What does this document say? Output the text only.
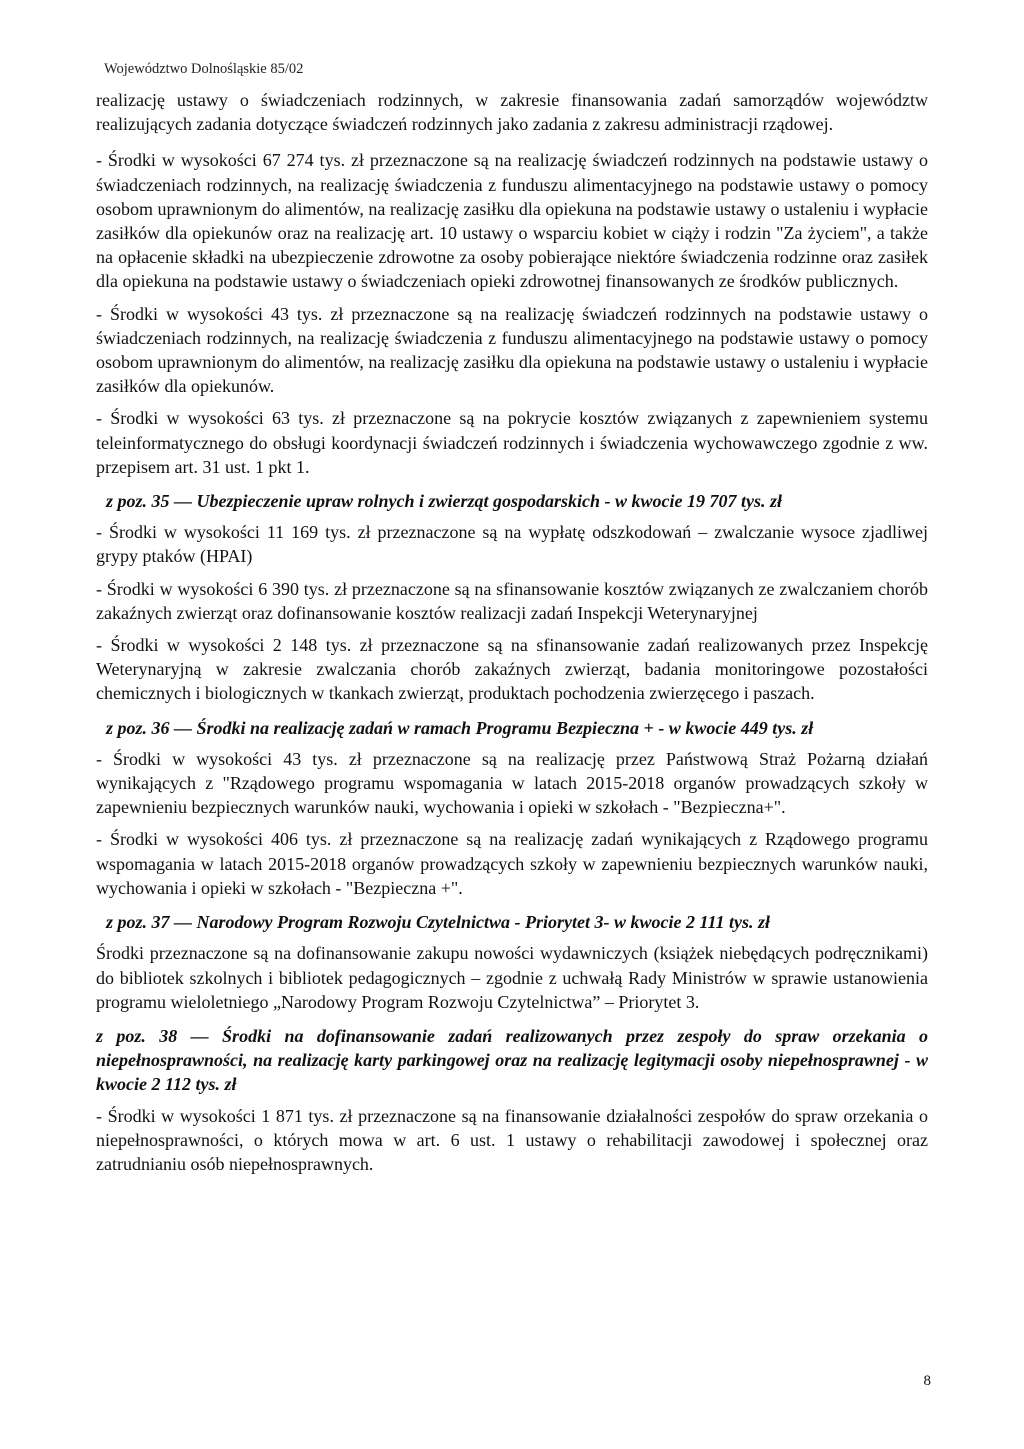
Województwo Dolnośląskie 85/02

realizację ustawy o świadczeniach rodzinnych, w zakresie finansowania zadań samorządów województw realizujących zadania dotyczące świadczeń rodzinnych jako zadania z zakresu administracji rządowej.

- Środki w wysokości 67 274 tys. zł przeznaczone są na realizację świadczeń rodzinnych na podstawie ustawy o świadczeniach rodzinnych, na realizację świadczenia z funduszu alimentacyjnego na podstawie ustawy o pomocy osobom uprawnionym do alimentów, na realizację zasiłku dla opiekuna na podstawie ustawy o ustaleniu i wypłacie zasiłków dla opiekunów oraz na realizację art. 10 ustawy o wsparciu kobiet w ciąży i rodzin "Za życiem", a także na opłacenie składki na ubezpieczenie zdrowotne za osoby pobierające niektóre świadczenia rodzinne oraz zasiłek dla opiekuna na podstawie ustawy o świadczeniach opieki zdrowotnej finansowanych ze środków publicznych.

- Środki w wysokości 43 tys. zł przeznaczone są na realizację świadczeń rodzinnych na podstawie ustawy o świadczeniach rodzinnych, na realizację świadczenia z funduszu alimentacyjnego na podstawie ustawy o pomocy osobom uprawnionym do alimentów, na realizację zasiłku dla opiekuna na podstawie ustawy o ustaleniu i wypłacie zasiłków dla opiekunów.

- Środki w wysokości 63 tys. zł przeznaczone są na pokrycie kosztów związanych z zapewnieniem systemu teleinformatycznego do obsługi koordynacji świadczeń rodzinnych i świadczenia wychowawczego zgodnie z ww. przepisem art. 31 ust. 1 pkt 1.

z poz. 35 — Ubezpieczenie upraw rolnych i zwierząt gospodarskich - w kwocie 19 707 tys. zł

- Środki w wysokości 11 169 tys. zł przeznaczone są na wypłatę odszkodowań – zwalczanie wysoce zjadliwej grypy ptaków (HPAI)

- Środki w wysokości 6 390 tys. zł przeznaczone są na sfinansowanie kosztów związanych ze zwalczaniem chorób zakaźnych zwierząt oraz dofinansowanie kosztów realizacji zadań Inspekcji Weterynaryjnej

- Środki w wysokości 2 148 tys. zł przeznaczone są na sfinansowanie zadań realizowanych przez Inspekcję Weterynaryjną w zakresie zwalczania chorób zakaźnych zwierząt, badania monitoringowe pozostałości chemicznych i biologicznych w tkankach zwierząt, produktach pochodzenia zwierzęcego i paszach.

z poz. 36 — Środki na realizację zadań w ramach Programu Bezpieczna + - w kwocie 449 tys. zł

- Środki w wysokości 43 tys. zł przeznaczone są na realizację przez Państwową Straż Pożarną działań wynikających z "Rządowego programu wspomagania w latach 2015-2018 organów prowadzących szkoły w zapewnieniu bezpiecznych warunków nauki, wychowania i opieki w szkołach - "Bezpieczna+".

- Środki w wysokości 406 tys. zł przeznaczone są na realizację zadań wynikających z Rządowego programu wspomagania w latach 2015-2018 organów prowadzących szkoły w zapewnieniu bezpiecznych warunków nauki, wychowania i opieki w szkołach - "Bezpieczna +".

z poz. 37 — Narodowy Program Rozwoju Czytelnictwa - Priorytet 3- w kwocie 2 111 tys. zł

Środki przeznaczone są na dofinansowanie zakupu nowości wydawniczych (książek niebędących podręcznikami) do bibliotek szkolnych i bibliotek pedagogicznych – zgodnie z uchwałą Rady Ministrów w sprawie ustanowienia programu wieloletniego „Narodowy Program Rozwoju Czytelnictwa” – Priorytet 3.

z poz. 38 — Środki na dofinansowanie zadań realizowanych przez zespoły do spraw orzekania o niepełnosprawności, na realizację karty parkingowej oraz na realizację legitymacji osoby niepełnosprawnej - w kwocie 2 112 tys. zł

- Środki w wysokości 1 871 tys. zł przeznaczone są na finansowanie działalności zespołów do spraw orzekania o niepełnosprawności, o których mowa w art. 6 ust. 1 ustawy o rehabilitacji zawodowej i społecznej oraz zatrudnianiu osób niepełnosprawnych.

8
